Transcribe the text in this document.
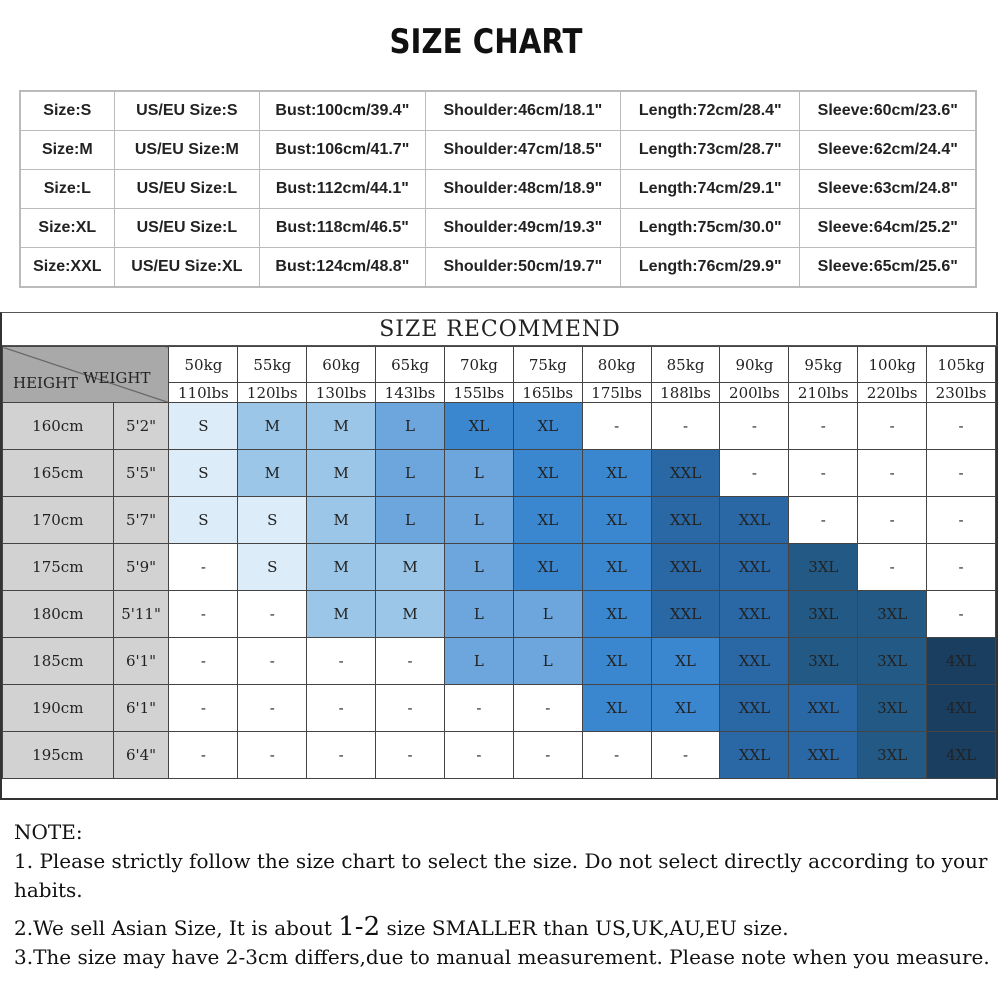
SIZE CHART
Size:S	US/EU Size:S	Bust:100cm/39.4"	Shoulder:46cm/18.1"	Length:72cm/28.4"	Sleeve:60cm/23.6"
Size:M	US/EU Size:M	Bust:106cm/41.7"	Shoulder:47cm/18.5"	Length:73cm/28.7"	Sleeve:62cm/24.4"
Size:L	US/EU Size:L	Bust:112cm/44.1"	Shoulder:48cm/18.9"	Length:74cm/29.1"	Sleeve:63cm/24.8"
Size:XL	US/EU Size:L	Bust:118cm/46.5"	Shoulder:49cm/19.3"	Length:75cm/30.0"	Sleeve:64cm/25.2"
Size:XXL	US/EU Size:XL	Bust:124cm/48.8"	Shoulder:50cm/19.7"	Length:76cm/29.9"	Sleeve:65cm/25.6"
SIZE RECOMMEND
WEIGHT
HEIGHT		50kg	55kg	60kg	65kg	70kg	75kg	80kg	85kg	90kg	95kg	100kg	105kg
		110lbs	120lbs	130lbs	143lbs	155lbs	165lbs	175lbs	188lbs	200lbs	210lbs	220lbs	230lbs
160cm	5'2"	S	M	M	L	XL	XL	-	-	-	-	-	-
165cm	5'5"	S	M	M	L	L	XL	XL	XXL	-	-	-	-
170cm	5'7"	S	S	M	L	L	XL	XL	XXL	XXL	-	-	-
175cm	5'9"	-	S	M	M	L	XL	XL	XXL	XXL	3XL	-	-
180cm	5'11"	-	-	M	M	L	L	XL	XXL	XXL	3XL	3XL	-
185cm	6'1"	-	-	-	-	L	L	XL	XL	XXL	3XL	3XL	4XL
190cm	6'1"	-	-	-	-	-	-	XL	XL	XXL	XXL	3XL	4XL
195cm	6'4"	-	-	-	-	-	-	-	-	XXL	XXL	3XL	4XL

NOTE:

1. Please strictly follow the size chart to select the size. Do not select directly according to your habits.

2.We sell Asian Size, It is about 1-2 size SMALLER than US,UK,AU,EU size.

3.The size may have 2-3cm differs,due to manual measurement. Please note when you measure.
